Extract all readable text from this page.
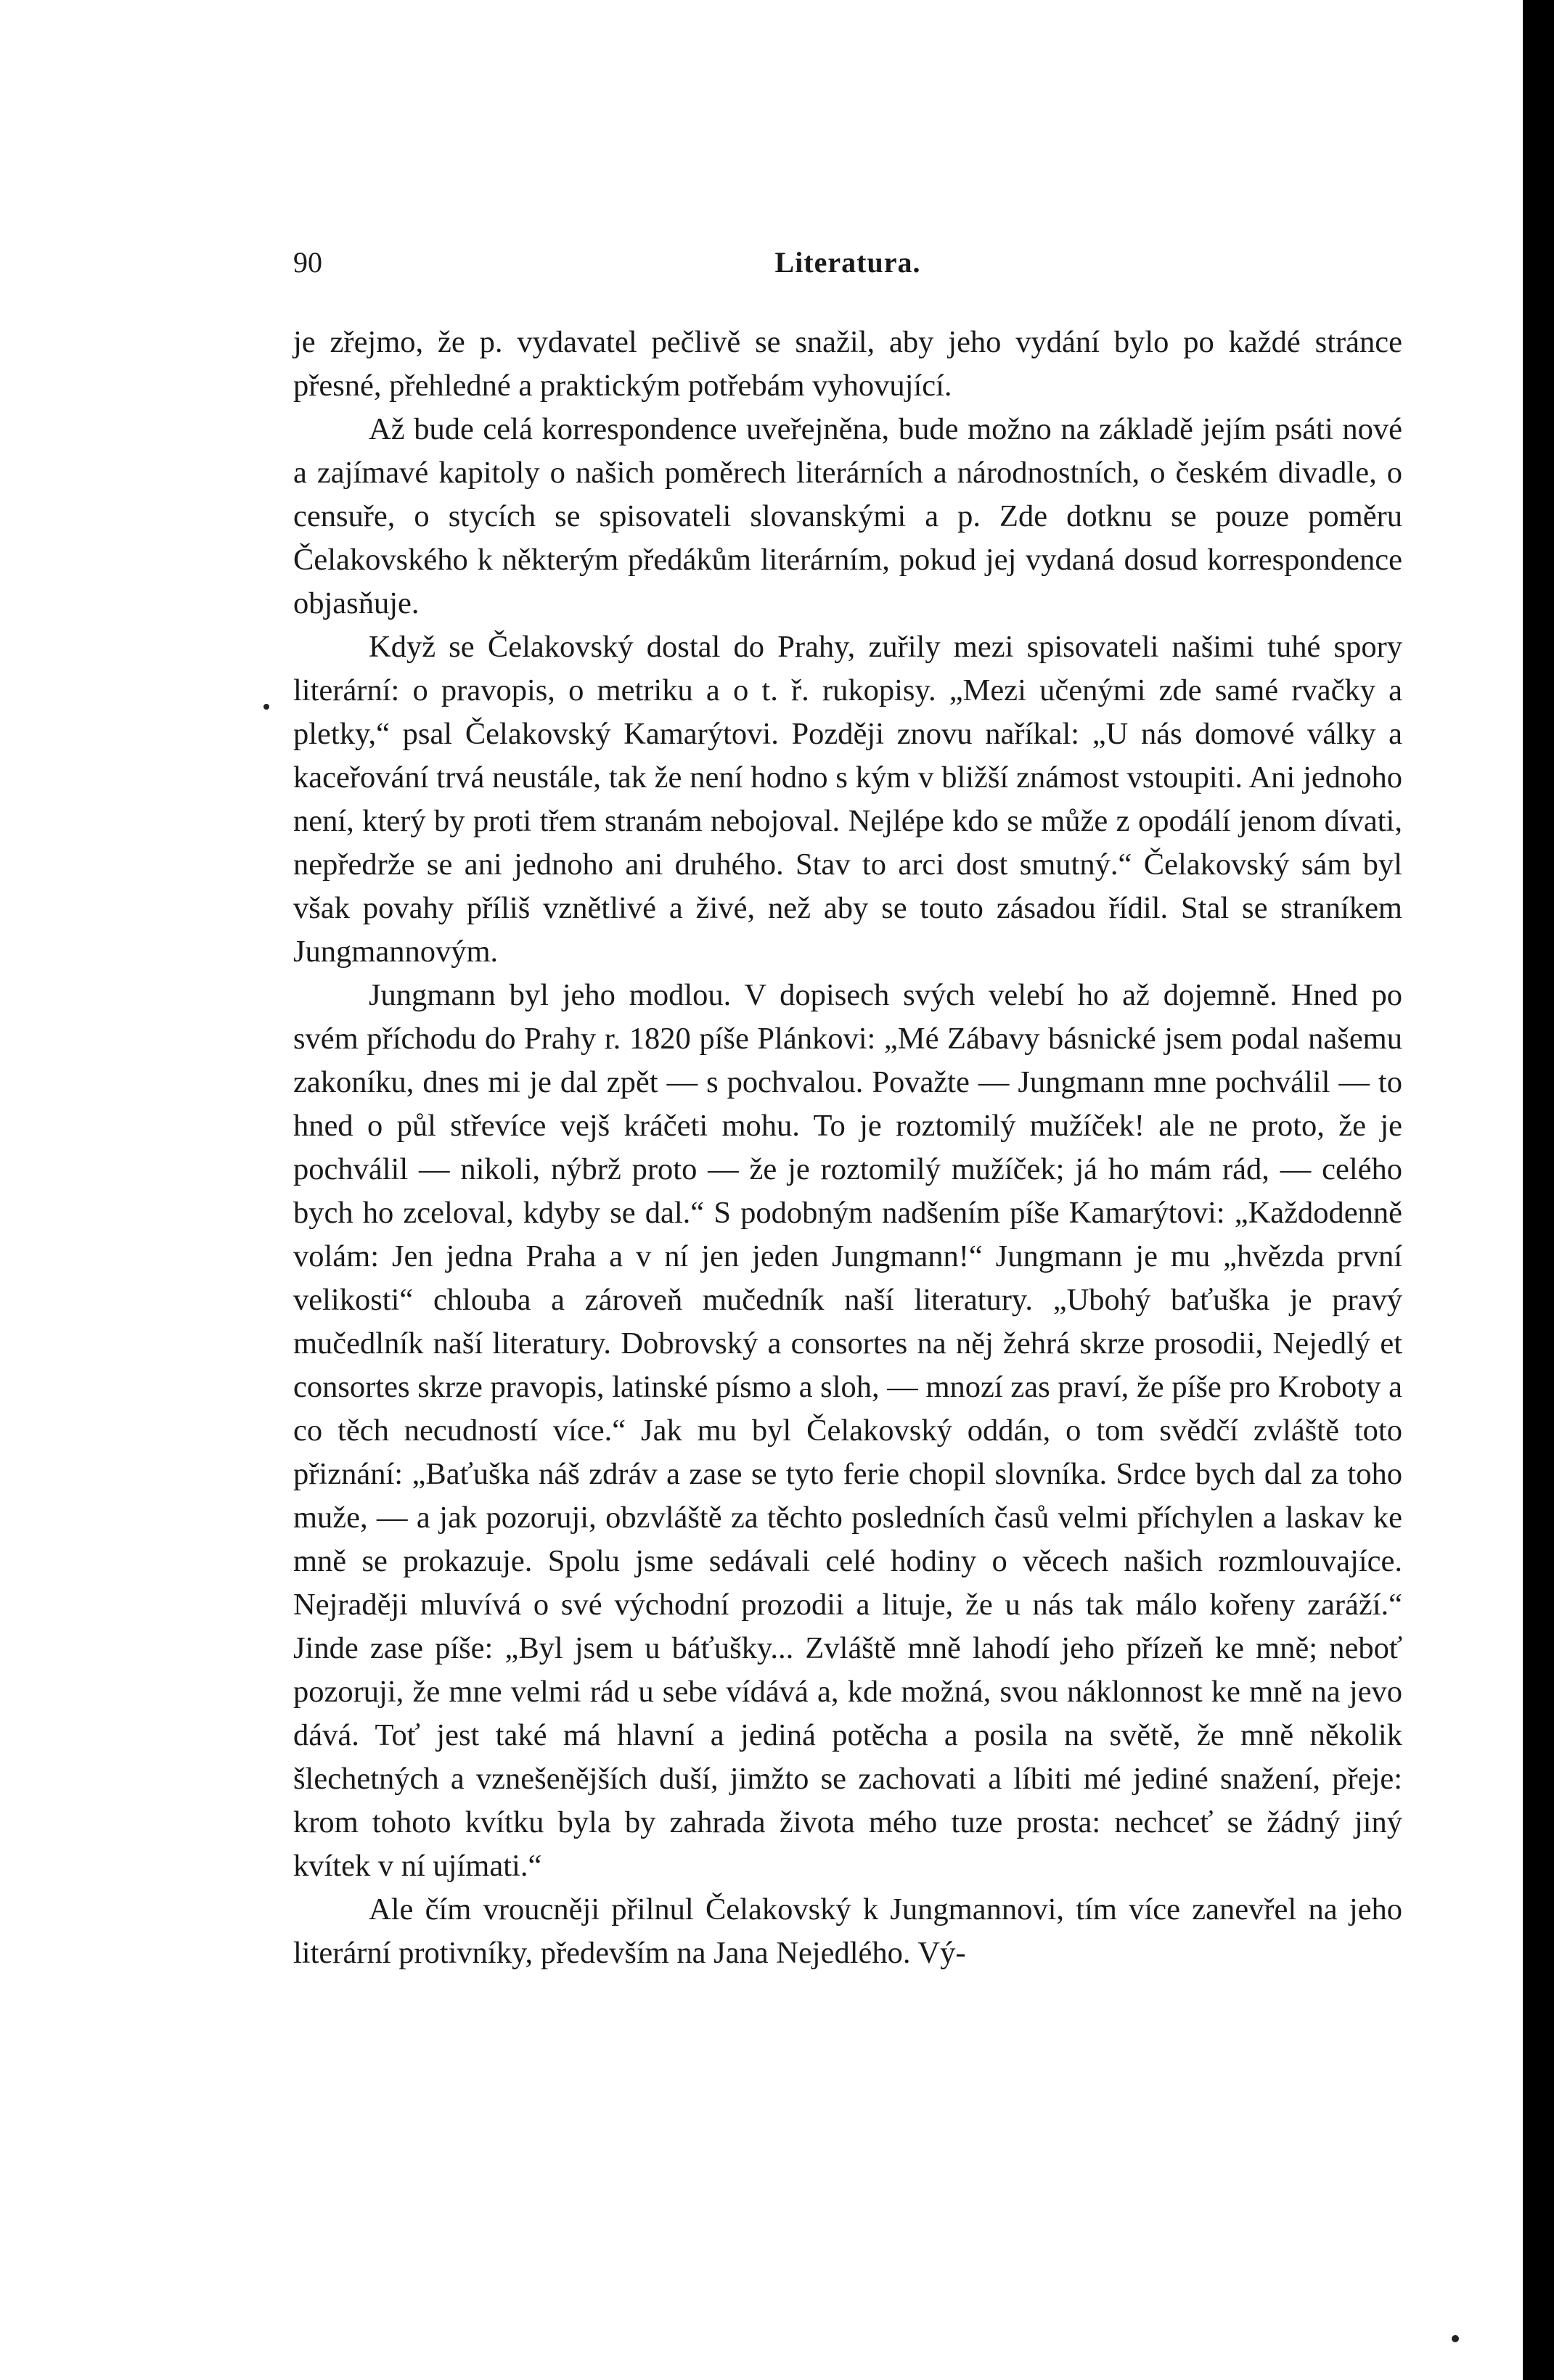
90	Literatura.

je zřejmo, že p. vydavatel pečlivě se snažil, aby jeho vydání bylo po každé stránce přesné, přehledné a praktickým potřebám vyhovující.

Až bude celá korrespondence uveřejněna, bude možno na základě jejím psáti nové a zajímavé kapitoly o našich poměrech literárních a národnostních, o českém divadle, o censuře, o stycích se spisovateli slovanskými a p. Zde dotknu se pouze poměru Čelakovského k některým předákům literárním, pokud jej vydaná dosud korrespondence objasňuje.

Když se Čelakovský dostal do Prahy, zuřily mezi spisovateli našimi tuhé spory literární: o pravopis, o metriku a o t. ř. rukopisy. „Mezi učenými zde samé rvačky a pletky,“ psal Čelakovský Kamarýtovi. Později znovu naříkal: „U nás domové války a kaceřování trvá neustále, tak že není hodno s kým v bližší známost vstoupiti. Ani jednoho není, který by proti třem stranám nebojoval. Nejlépe kdo se může z opodálí jenom dívati, nepředrže se ani jednoho ani druhého. Stav to arci dost smutný.“ Čelakovský sám byl však povahy příliš vznětlivé a živé, než aby se touto zásadou řídil. Stal se straníkem Jungmannovým.

Jungmann byl jeho modlou. V dopisech svých velebí ho až dojemně. Hned po svém příchodu do Prahy r. 1820 píše Plánkovi: „Mé Zábavy básnické jsem podal našemu zakoníku, dnes mi je dal zpět — s pochvalou. Považte — Jungmann mne pochválil — to hned o půl střevíce vejš kráčeti mohu. To je roztomilý mužíček! ale ne proto, že je pochválil — nikoli, nýbrž proto — že je roztomilý mužíček; já ho mám rád, — celého bych ho zceloval, kdyby se dal.“ S podobným nadšením píše Kamarýtovi: „Každodenně volám: Jen jedna Praha a v ní jen jeden Jungmann!“ Jungmann je mu „hvězda první velikosti“ chlouba a zároveň mučedník naší literatury. „Ubohý baťuška je pravý mučedlník naší literatury. Dobrovský a consortes na něj žehrá skrze prosodii, Nejedlý et consortes skrze pravopis, latinské písmo a sloh, — mnozí zas praví, že píše pro Kroboty a co těch necudností více.“ Jak mu byl Čelakovský oddán, o tom svědčí zvláště toto přiznání: „Baťuška náš zdráv a zase se tyto ferie chopil slovníka. Srdce bych dal za toho muže, — a jak pozoruji, obzvláště za těchto posledních časů velmi příchylen a laskav ke mně se prokazuje. Spolu jsme sedávali celé hodiny o věcech našich rozmlouvajíce. Nejraději mluvívá o své východní prozodii a lituje, že u nás tak málo kořeny zaráží.“ Jinde zase píše: „Byl jsem u báťušky... Zvláště mně lahodí jeho přízeň ke mně; neboť pozoruji, že mne velmi rád u sebe vídává a, kde možná, svou náklonnost ke mně na jevo dává. Toť jest také má hlavní a jediná potěcha a posila na světě, že mně několik šlechetných a vznešenějších duší, jimžto se zachovati a líbiti mé jediné snažení, přeje: krom tohoto kvítku byla by zahrada života mého tuze prosta: nechceť se žádný jiný kvítek v ní ujímati.“

Ale čím vroucněji přilnul Čelakovský k Jungmannovi, tím více zanevřel na jeho literární protivníky, především na Jana Nejedlého. Vý-
